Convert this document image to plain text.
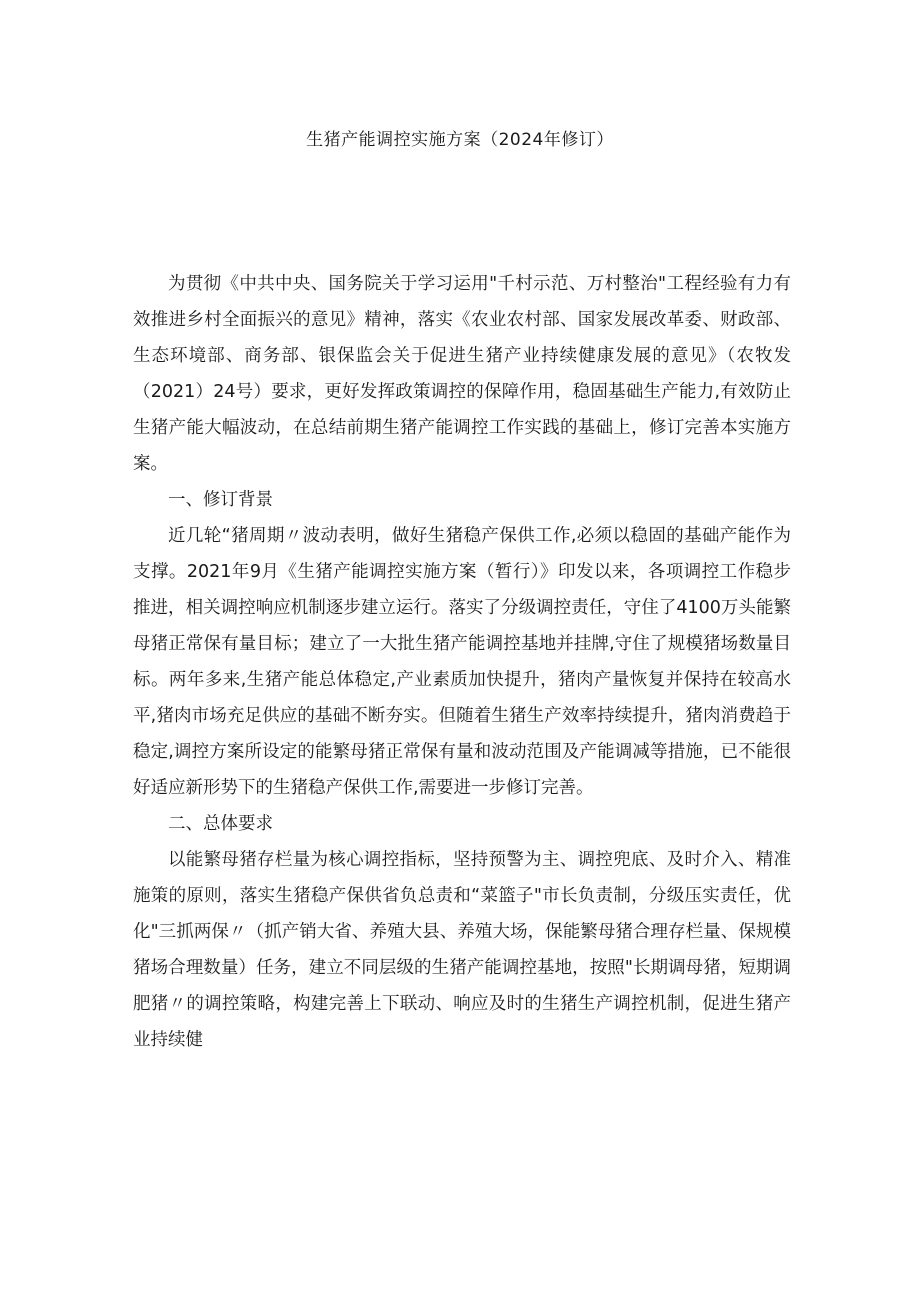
生猪产能调控实施方案（2024年修订）

为贯彻《中共中央、国务院关于学习运用"千村示范、万村整治"工程经验有力有效推进乡村全面振兴的意见》精神，落实《农业农村部、国家发展改革委、财政部、生态环境部、商务部、银保监会关于促进生猪产业持续健康发展的意见》（农牧发（2021）24号）要求，更好发挥政策调控的保障作用，稳固基础生产能力,有效防止生猪产能大幅波动，在总结前期生猪产能调控工作实践的基础上，修订完善本实施方案。

一、修订背景

近几轮“猪周期〃波动表明，做好生猪稳产保供工作,必须以稳固的基础产能作为支撑。2021年9月《生猪产能调控实施方案（暂行）》印发以来，各项调控工作稳步推进，相关调控响应机制逐步建立运行。落实了分级调控责任，守住了4100万头能繁母猪正常保有量目标；建立了一大批生猪产能调控基地并挂牌,守住了规模猪场数量目标。两年多来,生猪产能总体稳定,产业素质加快提升，猪肉产量恢复并保持在较高水平,猪肉市场充足供应的基础不断夯实。但随着生猪生产效率持续提升，猪肉消费趋于稳定,调控方案所设定的能繁母猪正常保有量和波动范围及产能调减等措施，已不能很好适应新形势下的生猪稳产保供工作,需要进一步修订完善。

二、总体要求

以能繁母猪存栏量为核心调控指标，坚持预警为主、调控兜底、及时介入、精准施策的原则，落实生猪稳产保供省负总责和“菜篮子"市长负责制，分级压实责任，优化"三抓两保〃（抓产销大省、养殖大县、养殖大场，保能繁母猪合理存栏量、保规模猪场合理数量）任务，建立不同层级的生猪产能调控基地，按照"长期调母猪，短期调肥猪〃的调控策略，构建完善上下联动、响应及时的生猪生产调控机制，促进生猪产业持续健
